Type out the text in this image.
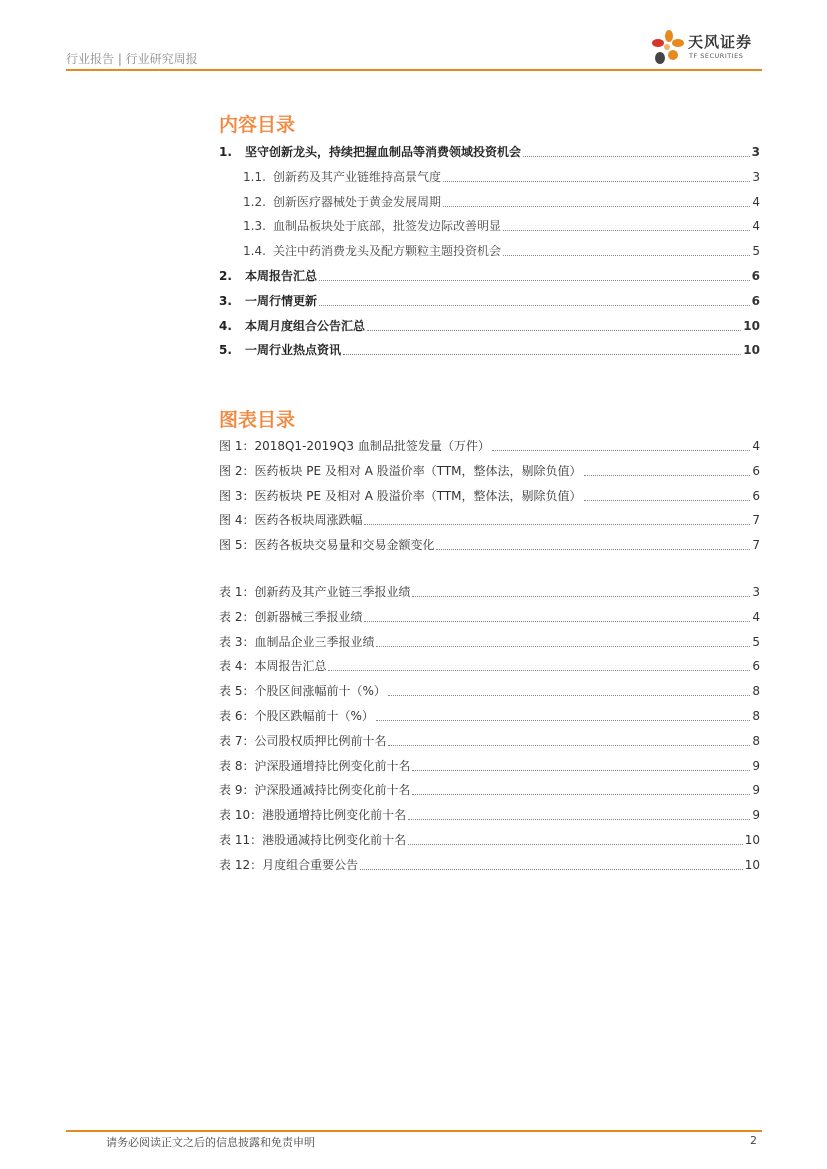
行业报告 | 行业研究周报
天风证券
TF SECURITIES
内容目录
1. 坚守创新龙头，持续把握血制品等消费领域投资机会	3
1.1. 创新药及其产业链维持高景气度	3
1.2. 创新医疗器械处于黄金发展周期	4
1.3. 血制品板块处于底部，批签发边际改善明显	4
1.4. 关注中药消费龙头及配方颗粒主题投资机会	5
2. 本周报告汇总	6
3. 一周行情更新	6
4. 本周月度组合公告汇总	10
5. 一周行业热点资讯	10
图表目录
图 1：2018Q1-2019Q3 血制品批签发量（万件）	4
图 2：医药板块 PE 及相对 A 股溢价率（TTM，整体法，剔除负值）	6
图 3：医药板块 PE 及相对 A 股溢价率（TTM，整体法，剔除负值）	6
图 4：医药各板块周涨跌幅	7
图 5：医药各板块交易量和交易金额变化	7
表 1：创新药及其产业链三季报业绩	3
表 2：创新器械三季报业绩	4
表 3：血制品企业三季报业绩	5
表 4：本周报告汇总	6
表 5：个股区间涨幅前十（%）	8
表 6：个股区跌幅前十（%）	8
表 7：公司股权质押比例前十名	8
表 8：沪深股通增持比例变化前十名	9
表 9：沪深股通减持比例变化前十名	9
表 10：港股通增持比例变化前十名	9
表 11：港股通减持比例变化前十名	10
表 12：月度组合重要公告	10
请务必阅读正文之后的信息披露和免责申明	2
